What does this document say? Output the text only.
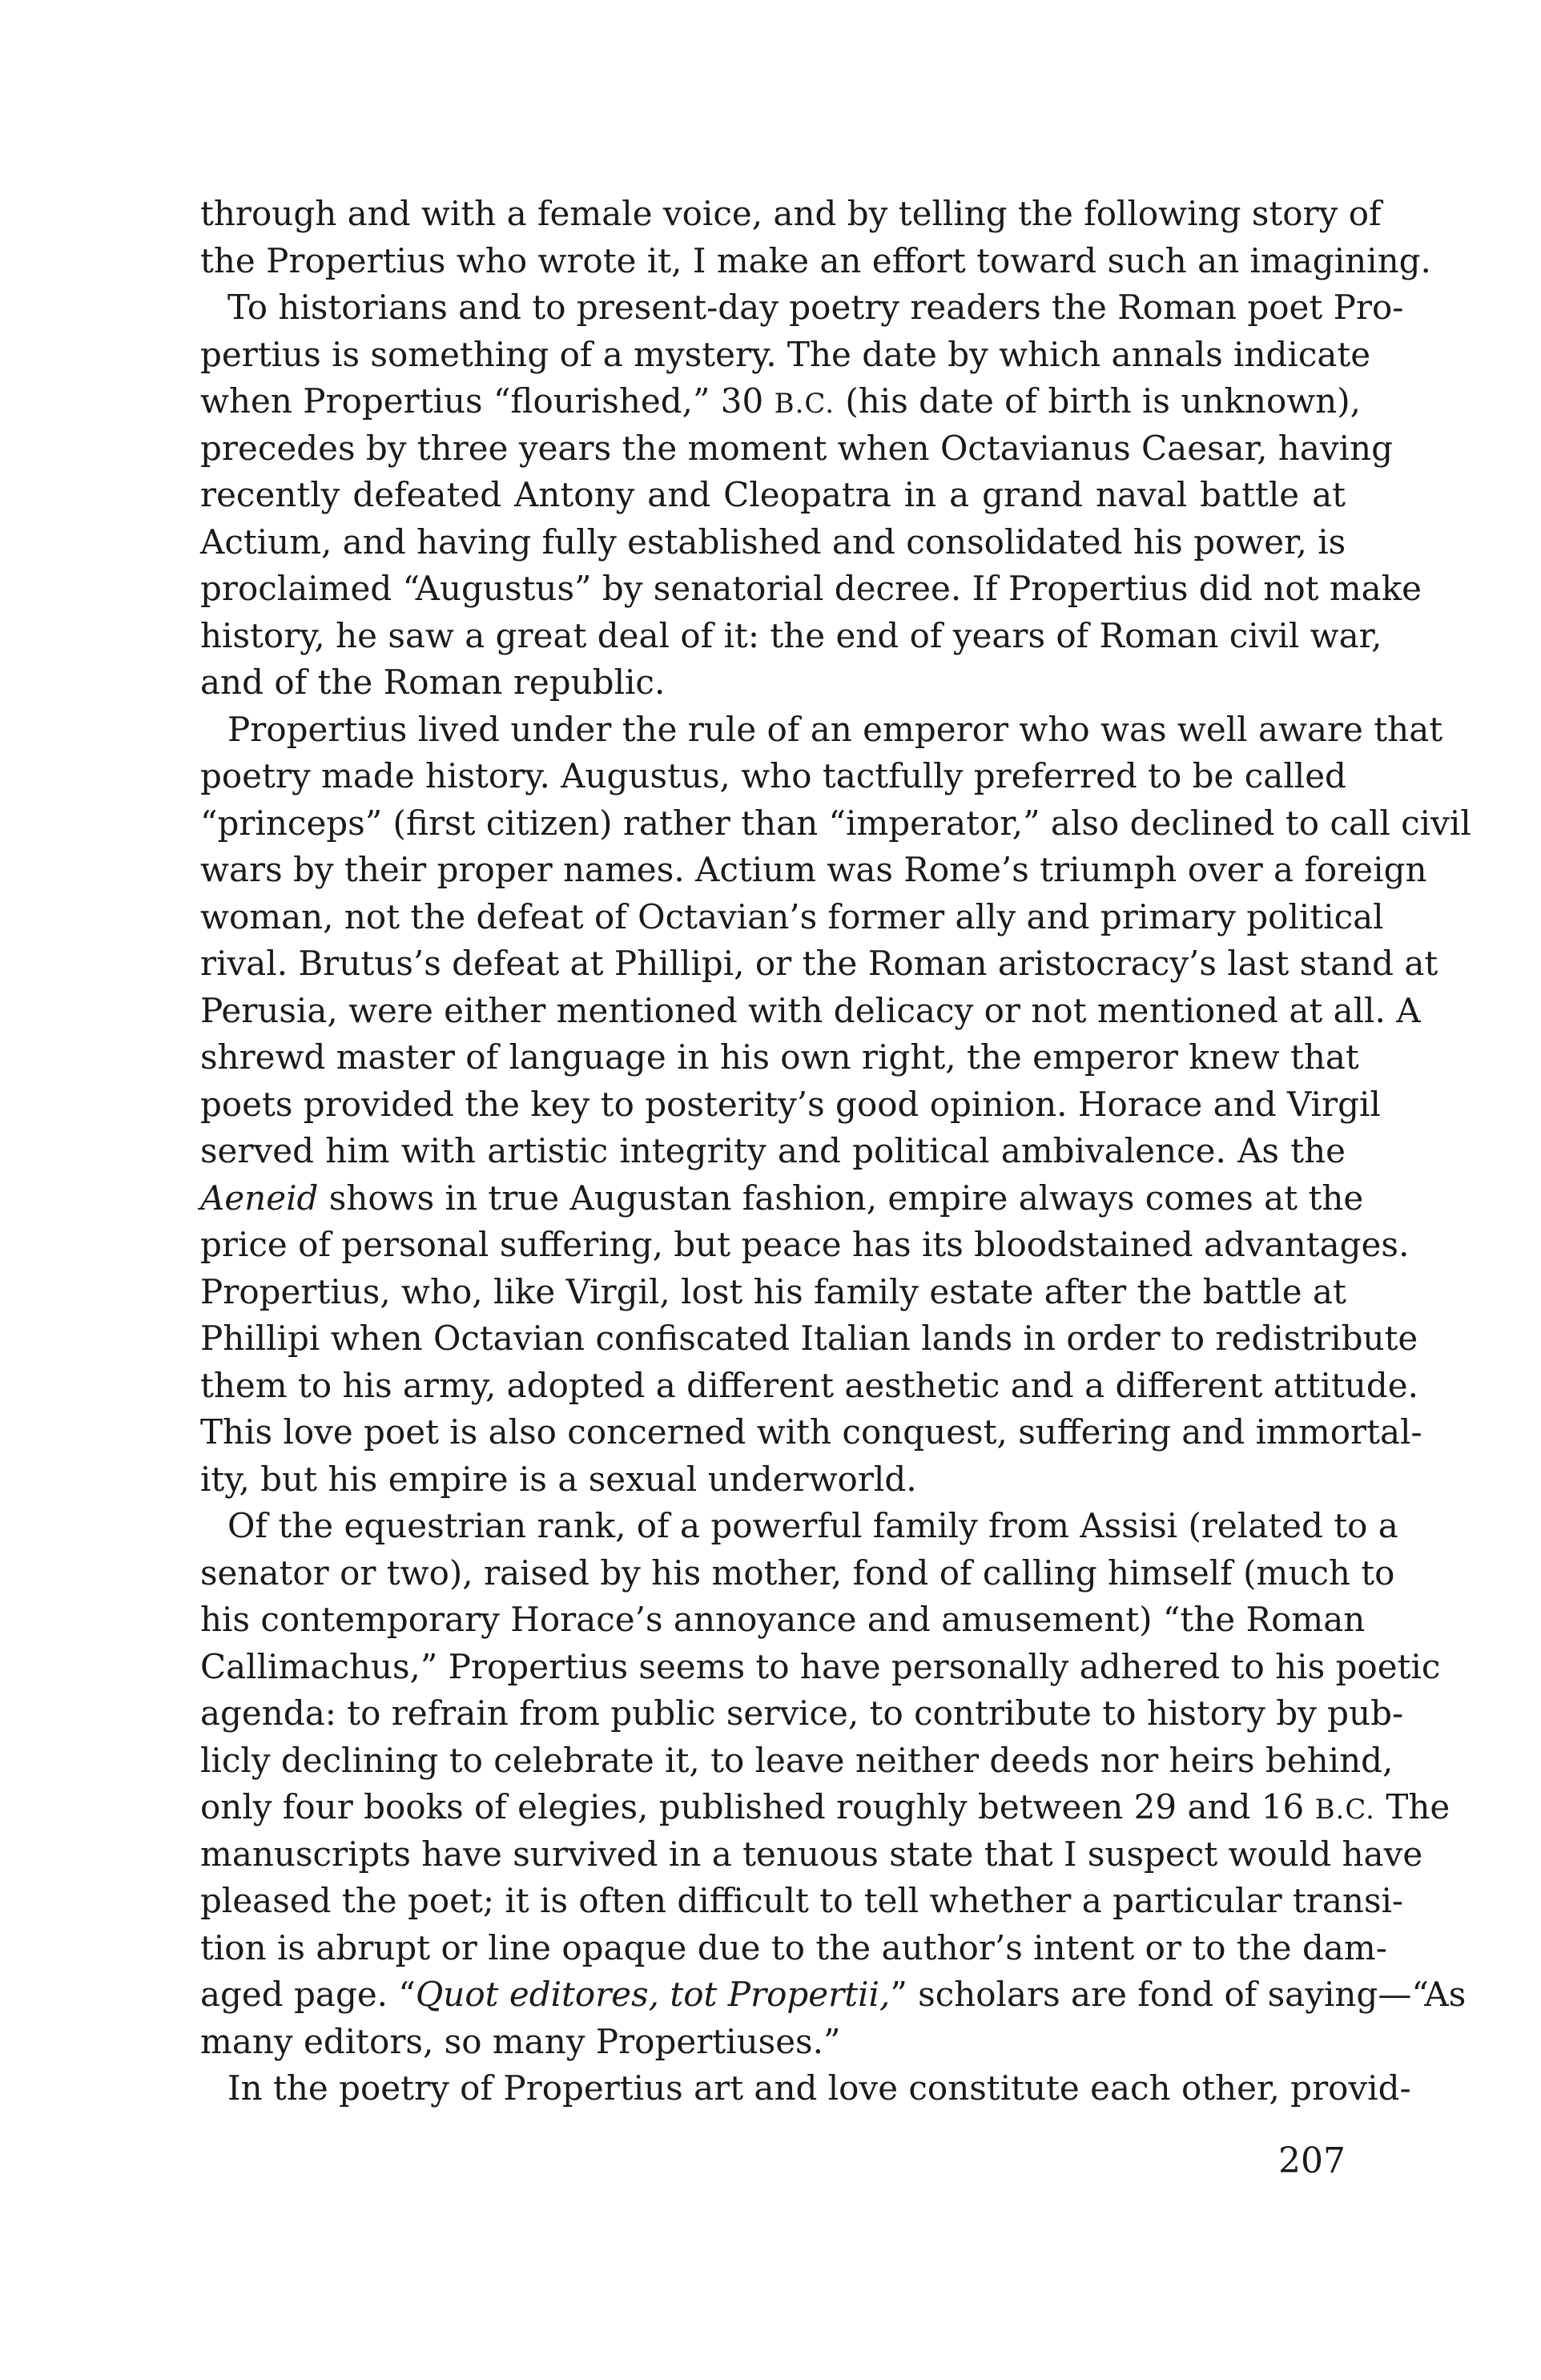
through and with a female voice, and by telling the following story of
the Propertius who wrote it, I make an effort toward such an imagining.
To historians and to present-day poetry readers the Roman poet Pro-
pertius is something of a mystery. The date by which annals indicate
when Propertius “flourished,” 30 B.C. (his date of birth is unknown),
precedes by three years the moment when Octavianus Caesar, having
recently defeated Antony and Cleopatra in a grand naval battle at
Actium, and having fully established and consolidated his power, is
proclaimed “Augustus” by senatorial decree. If Propertius did not make
history, he saw a great deal of it: the end of years of Roman civil war,
and of the Roman republic.
Propertius lived under the rule of an emperor who was well aware that
poetry made history. Augustus, who tactfully preferred to be called
“princeps” (first citizen) rather than “imperator,” also declined to call civil
wars by their proper names. Actium was Rome’s triumph over a foreign
woman, not the defeat of Octavian’s former ally and primary political
rival. Brutus’s defeat at Phillipi, or the Roman aristocracy’s last stand at
Perusia, were either mentioned with delicacy or not mentioned at all. A
shrewd master of language in his own right, the emperor knew that
poets provided the key to posterity’s good opinion. Horace and Virgil
served him with artistic integrity and political ambivalence. As the
Aeneid shows in true Augustan fashion, empire always comes at the
price of personal suffering, but peace has its bloodstained advantages.
Propertius, who, like Virgil, lost his family estate after the battle at
Phillipi when Octavian confiscated Italian lands in order to redistribute
them to his army, adopted a different aesthetic and a different attitude.
This love poet is also concerned with conquest, suffering and immortal-
ity, but his empire is a sexual underworld.
Of the equestrian rank, of a powerful family from Assisi (related to a
senator or two), raised by his mother, fond of calling himself (much to
his contemporary Horace’s annoyance and amusement) “the Roman
Callimachus,” Propertius seems to have personally adhered to his poetic
agenda: to refrain from public service, to contribute to history by pub-
licly declining to celebrate it, to leave neither deeds nor heirs behind,
only four books of elegies, published roughly between 29 and 16 B.C. The
manuscripts have survived in a tenuous state that I suspect would have
pleased the poet; it is often difficult to tell whether a particular transi-
tion is abrupt or line opaque due to the author’s intent or to the dam-
aged page. “Quot editores, tot Propertii,” scholars are fond of saying—“As
many editors, so many Propertiuses.”
In the poetry of Propertius art and love constitute each other, provid-
207
